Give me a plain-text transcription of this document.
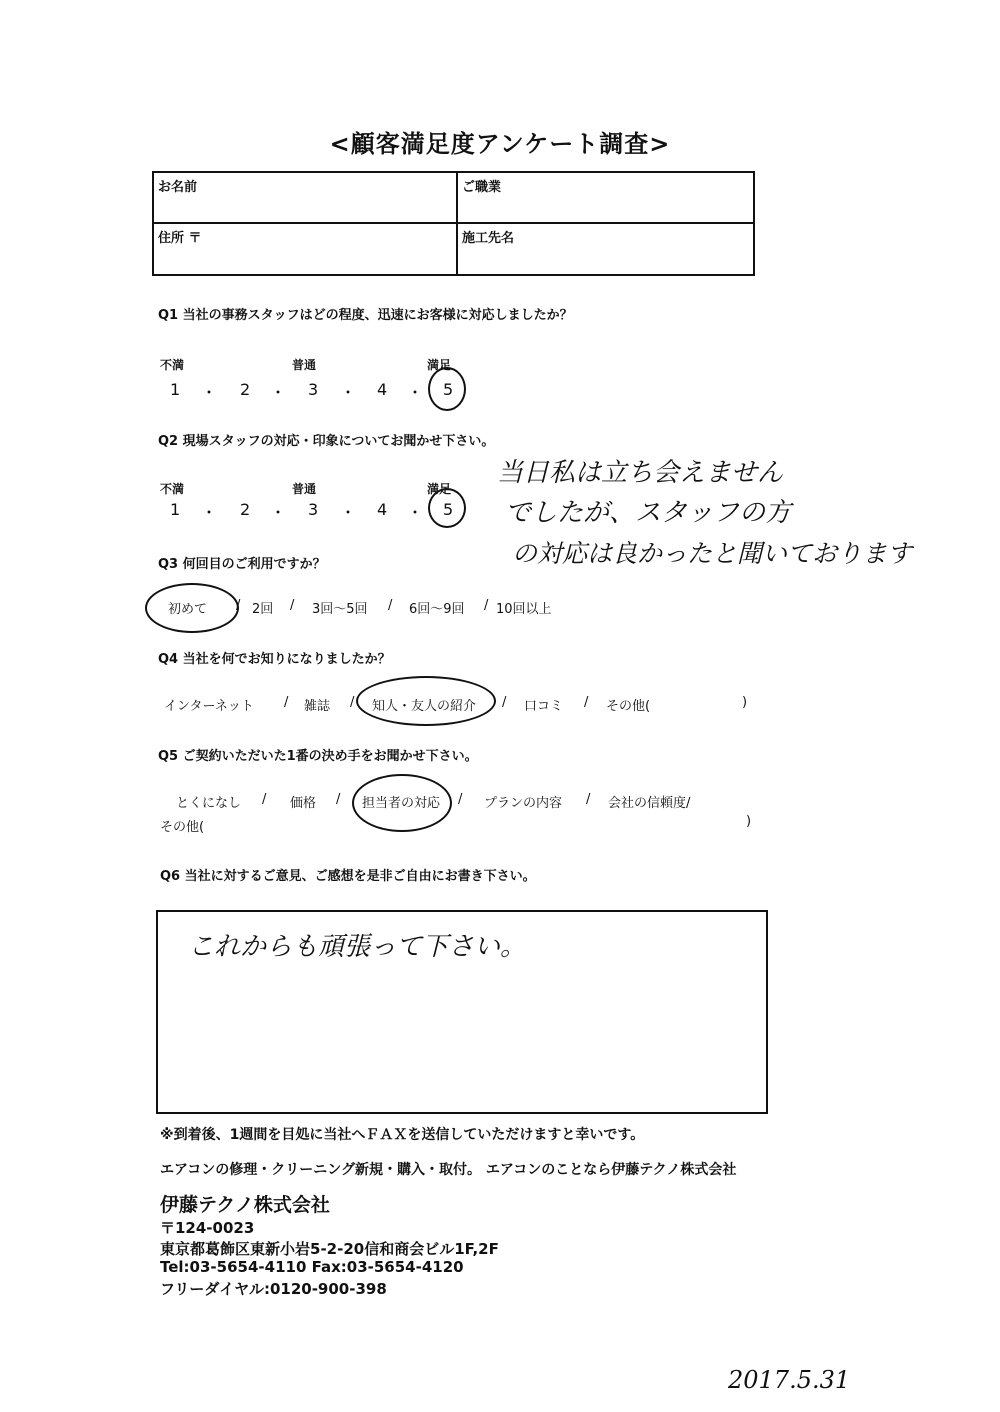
<顧客満足度アンケート調査>
お名前	ご職業
住所 〒	施工先名
Q1 当社の事務スタッフはどの程度、迅速にお客様に対応しましたか？
不満	普通	満足
1 ・ 2 ・ 3 ・ 4 ・ 5
Q2 現場スタッフの対応・印象についてお聞かせ下さい。
不満	普通	満足
1 ・ 2 ・ 3 ・ 4 ・ 5
当日私は立ち会えません
でしたが、スタッフの方
の対応は良かったと聞いております
Q3 何回目のご利用ですか？
初めて / 2回 / 3回〜5回 / 6回〜9回 / 10回以上
Q4 当社を何でお知りになりましたか？
インターネット / 雑誌 / 知人・友人の紹介 / 口コミ / その他(	)
Q5 ご契約いただいた1番の決め手をお聞かせ下さい。
とくになし / 価格 / 担当者の対応 / プランの内容 / 会社の信頼度/
その他(	)
Q6 当社に対するご意見、ご感想を是非ご自由にお書き下さい。
これからも頑張って下さい。
※到着後、1週間を目処に当社へＦＡＸを送信していただけますと幸いです。
エアコンの修理・クリーニング新規・購入・取付。 エアコンのことなら伊藤テクノ株式会社
伊藤テクノ株式会社
〒124-0023
東京都葛飾区東新小岩5-2-20信和商会ビル1F,2F
Tel:03-5654-4110 Fax:03-5654-4120
フリーダイヤル:0120-900-398
2017.5.31
